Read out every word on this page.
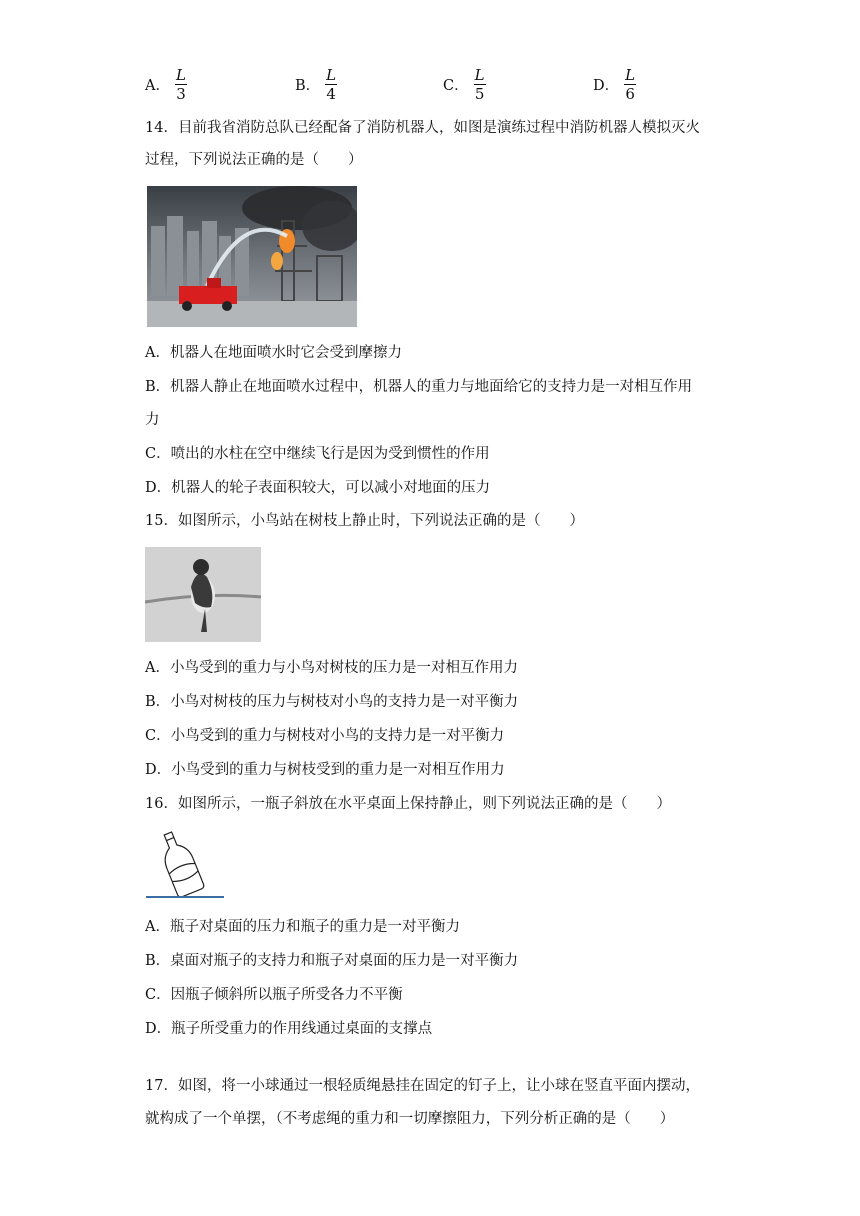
A． $\frac{L}{3}$	B． $\frac{L}{4}$	C． $\frac{L}{5}$	D． $\frac{L}{6}$
14．目前我省消防总队已经配备了消防机器人，如图是演练过程中消防机器人模拟灭火
过程，下列说法正确的是（　　）
A．机器人在地面喷水时它会受到摩擦力
B．机器人静止在地面喷水过程中，机器人的重力与地面给它的支持力是一对相互作用
力
C．喷出的水柱在空中继续飞行是因为受到惯性的作用
D．机器人的轮子表面积较大，可以减小对地面的压力
15．如图所示，小鸟站在树枝上静止时，下列说法正确的是（　　）
A．小鸟受到的重力与小鸟对树枝的压力是一对相互作用力
B．小鸟对树枝的压力与树枝对小鸟的支持力是一对平衡力
C．小鸟受到的重力与树枝对小鸟的支持力是一对平衡力
D．小鸟受到的重力与树枝受到的重力是一对相互作用力
16．如图所示，一瓶子斜放在水平桌面上保持静止，则下列说法正确的是（　　）
A．瓶子对桌面的压力和瓶子的重力是一对平衡力
B．桌面对瓶子的支持力和瓶子对桌面的压力是一对平衡力
C．因瓶子倾斜所以瓶子所受各力不平衡
D．瓶子所受重力的作用线通过桌面的支撑点
17．如图，将一小球通过一根轻质绳悬挂在固定的钉子上，让小球在竖直平面内摆动，
就构成了一个单摆，（不考虑绳的重力和一切摩擦阻力，下列分析正确的是（　　）
